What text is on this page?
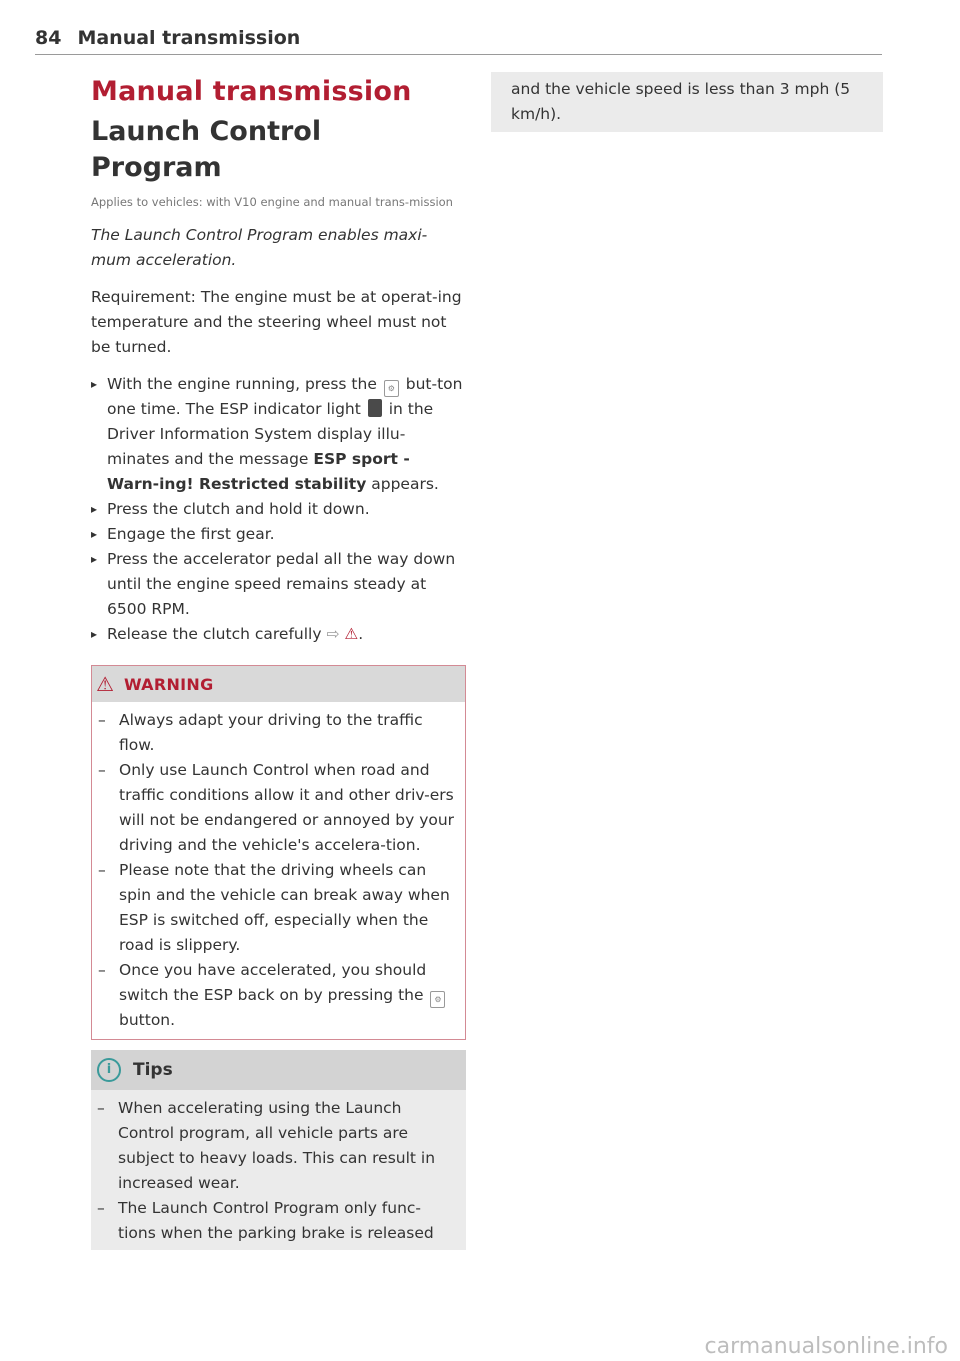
84 Manual transmission
Manual transmission
Launch Control Program
Applies to vehicles: with V10 engine and manual trans-mission
The Launch Control Program enables maxi-mum acceleration.
Requirement: The engine must be at operat-ing temperature and the steering wheel must not be turned.
▸ With the engine running, press the ⚙ but-ton one time. The ESP indicator light in the Driver Information System display illu-minates and the message ESP sport - Warn-ing! Restricted stability appears.
▸ Press the clutch and hold it down.
▸ Engage the first gear.
▸ Press the accelerator pedal all the way down until the engine speed remains steady at 6500 RPM.
▸ Release the clutch carefully ⇨ ⚠.
⚠ WARNING
– Always adapt your driving to the traffic flow.
– Only use Launch Control when road and traffic conditions allow it and other driv-ers will not be endangered or annoyed by your driving and the vehicle's accelera-tion.
– Please note that the driving wheels can spin and the vehicle can break away when ESP is switched off, especially when the road is slippery.
– Once you have accelerated, you should switch the ESP back on by pressing the ⚙ button.
i	Tips
– When accelerating using the Launch Control program, all vehicle parts are subject to heavy loads. This can result in increased wear.
– The Launch Control Program only func-tions when the parking brake is released
and the vehicle speed is less than 3 mph (5 km/h).
carmanualsonline.info
